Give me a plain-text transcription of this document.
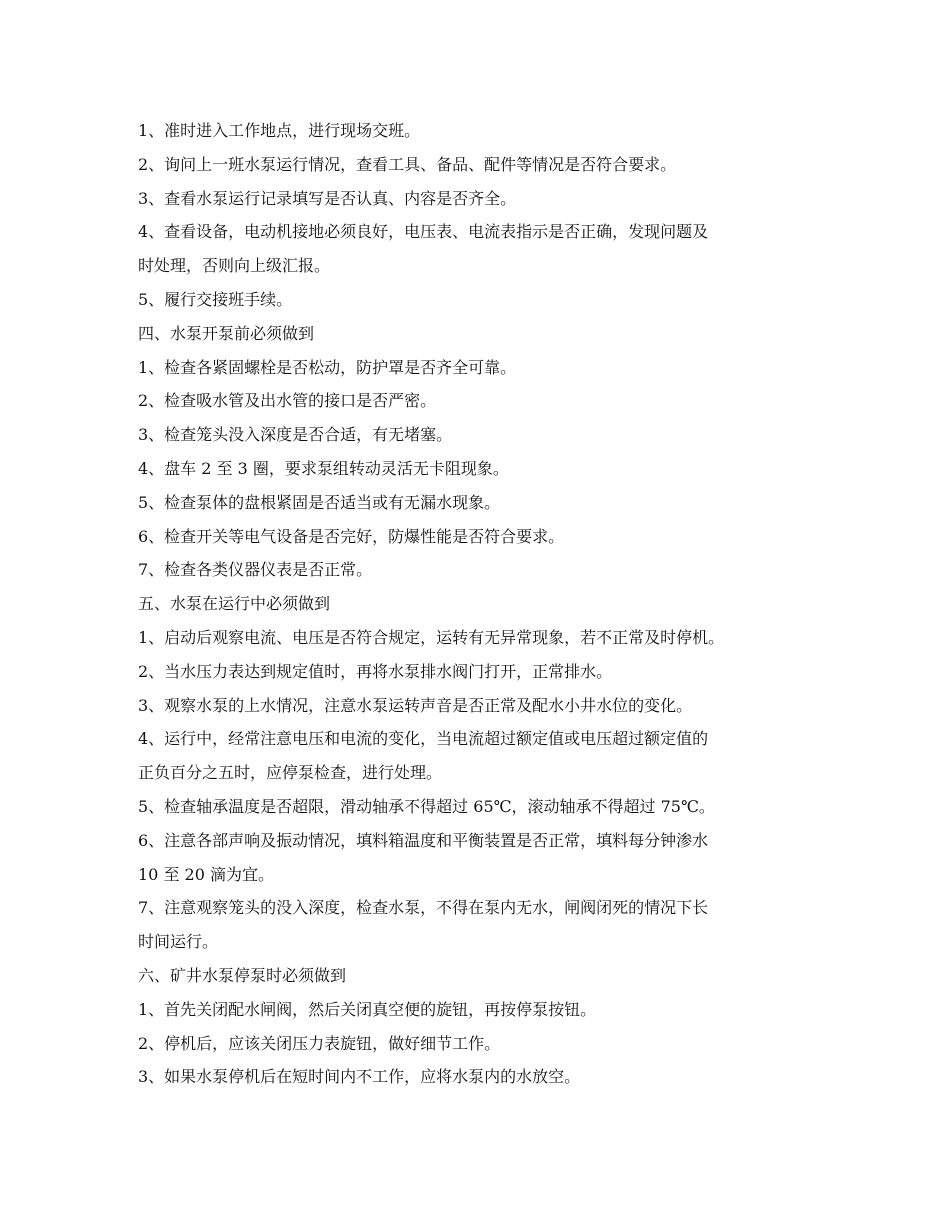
1、准时进入工作地点，进行现场交班。
2、询问上一班水泵运行情况，查看工具、备品、配件等情况是否符合要求。
3、查看水泵运行记录填写是否认真、内容是否齐全。
4、查看设备，电动机接地必须良好，电压表、电流表指示是否正确，发现问题及
时处理，否则向上级汇报。
5、履行交接班手续。
四、水泵开泵前必须做到
1、检查各紧固螺栓是否松动，防护罩是否齐全可靠。
2、检查吸水管及出水管的接口是否严密。
3、检查笼头没入深度是否合适，有无堵塞。
4、盘车 2 至 3 圈，要求泵组转动灵活无卡阻现象。
5、检查泵体的盘根紧固是否适当或有无漏水现象。
6、检查开关等电气设备是否完好，防爆性能是否符合要求。
7、检查各类仪器仪表是否正常。
五、水泵在运行中必须做到
1、启动后观察电流、电压是否符合规定，运转有无异常现象，若不正常及时停机。
2、当水压力表达到规定值时，再将水泵排水阀门打开，正常排水。
3、观察水泵的上水情况，注意水泵运转声音是否正常及配水小井水位的变化。
4、运行中，经常注意电压和电流的变化，当电流超过额定值或电压超过额定值的
正负百分之五时，应停泵检查，进行处理。
5、检查轴承温度是否超限，滑动轴承不得超过 65℃，滚动轴承不得超过 75℃。
6、注意各部声响及振动情况，填料箱温度和平衡装置是否正常，填料每分钟渗水
10 至 20 滴为宜。
7、注意观察笼头的没入深度，检查水泵，不得在泵内无水，闸阀闭死的情况下长
时间运行。
六、矿井水泵停泵时必须做到
1、首先关闭配水闸阀，然后关闭真空便的旋钮，再按停泵按钮。
2、停机后，应该关闭压力表旋钮，做好细节工作。
3、如果水泵停机后在短时间内不工作，应将水泵内的水放空。
